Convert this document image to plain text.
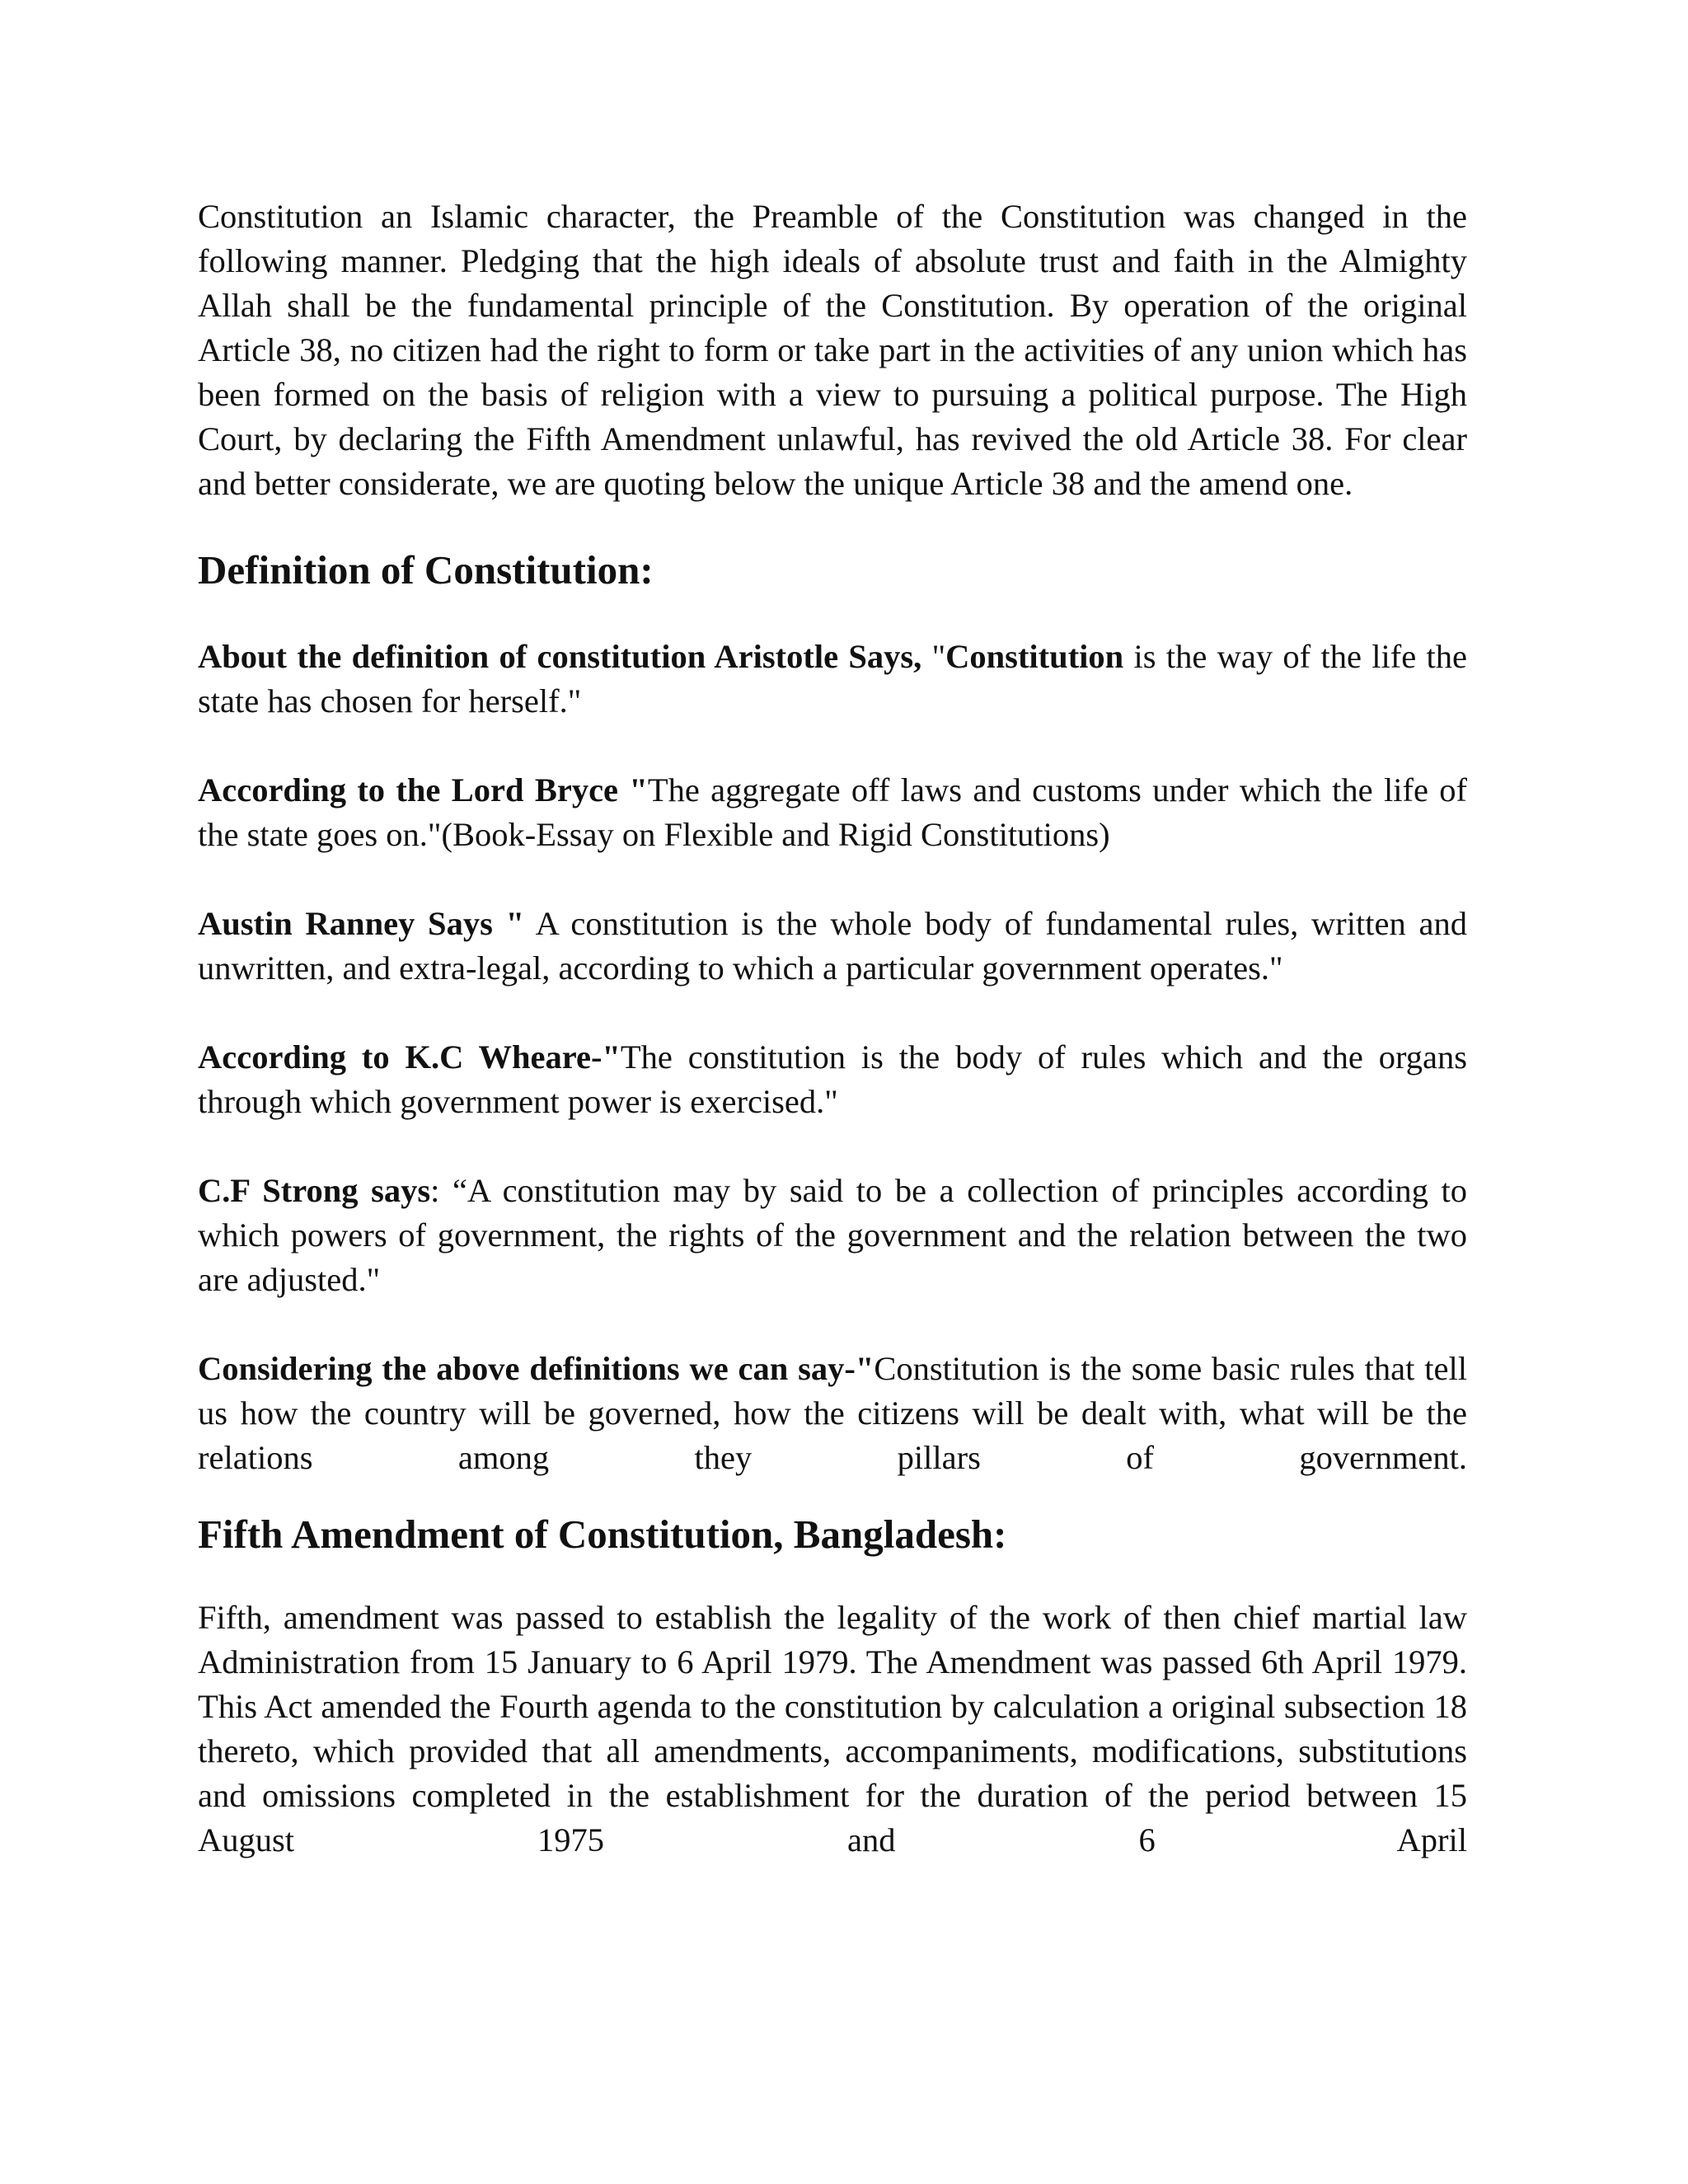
Constitution an Islamic character, the Preamble of the Constitution was changed in the following manner. Pledging that the high ideals of absolute trust and faith in the Almighty Allah shall be the fundamental principle of the Constitution. By operation of the original Article 38, no citizen had the right to form or take part in the activities of any union which has been formed on the basis of religion with a view to pursuing a political purpose. The High Court, by declaring the Fifth Amendment unlawful, has revived the old Article 38. For clear and better considerate, we are quoting below the unique Article 38 and the amend one.

Definition of Constitution:

About the definition of constitution Aristotle Says, "Constitution is the way of the life the state has chosen for herself."

According to the Lord Bryce "The aggregate off laws and customs under which the life of the state goes on."(Book-Essay on Flexible and Rigid Constitutions)

Austin Ranney Says " A constitution is the whole body of fundamental rules, written and unwritten, and extra-legal, according to which a particular government operates."

According to K.C Wheare-"The constitution is the body of rules which and the organs through which government power is exercised."

C.F Strong says: “A constitution may by said to be a collection of principles according to which powers of government, the rights of the government and the relation between the two are adjusted."

Considering the above definitions we can say-"Constitution is the some basic rules that tell us how the country will be governed, how the citizens will be dealt with, what will be the relations among they pillars of government.

Fifth Amendment of Constitution, Bangladesh:

Fifth, amendment was passed to establish the legality of the work of then chief martial law Administration from 15 January to 6 April 1979. The Amendment was passed 6th April 1979. This Act amended the Fourth agenda to the constitution by calculation a original subsection 18 thereto, which provided that all amendments, accompaniments, modifications, substitutions and omissions completed in the establishment for the duration of the period between 15 August 1975 and 6 April
